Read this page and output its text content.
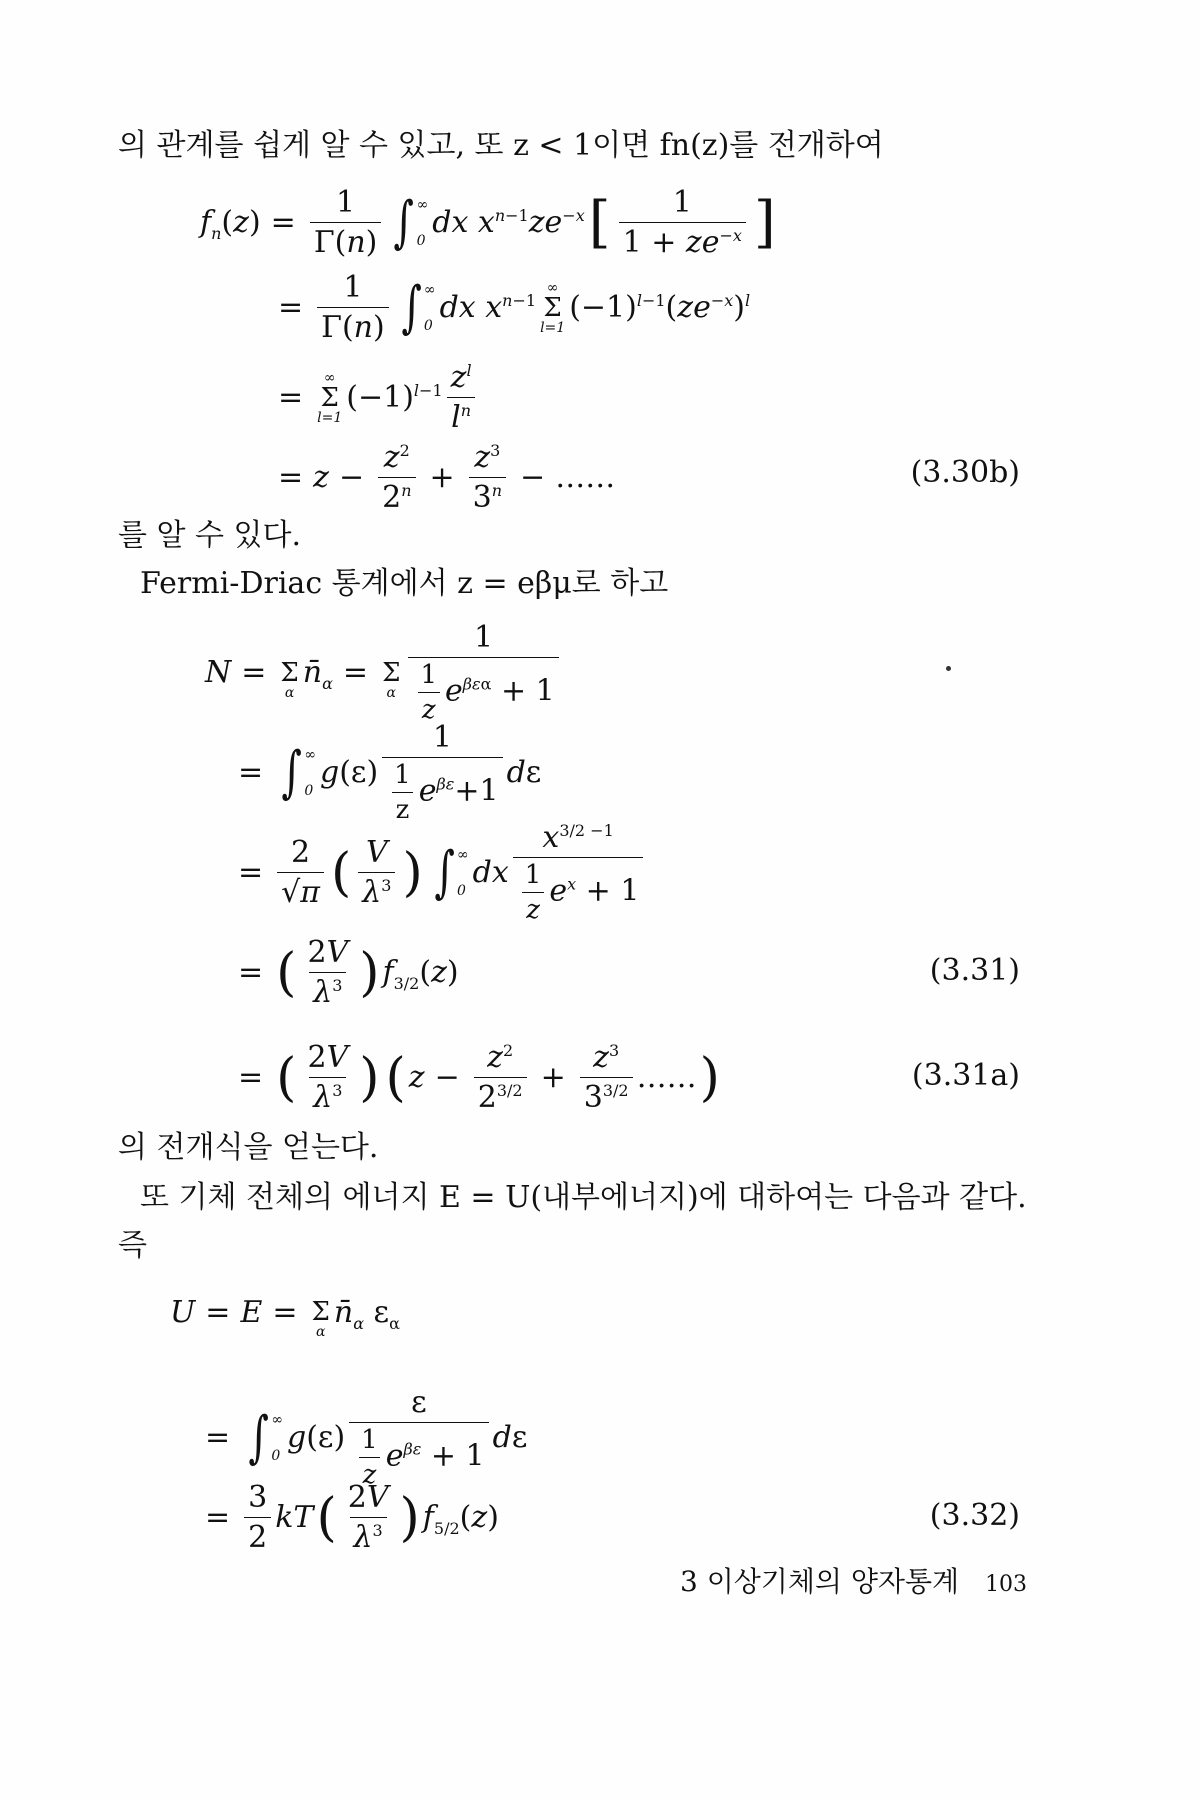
의 관계를 쉽게 알 수 있고, 또 z < 1이면 fn(z)를 전개하여
$f_n(z) = \frac{1}{\Gamma(n)}$ ∫ ∞
0
dx $x^{n-1}ze^{-x}$ [ $\frac{1}{1 + ze^{-x}}$ ]
= $\frac{1}{\Gamma(n)}$ ∫ ∞
0
dx $x^{n-1}$
∞
Σ
l=1
$(-1)^{l-1}(ze^{-x})^l$
=
∞
Σ
l=1
$(-1)^{l-1} \frac{z^l}{l^n}$
= $z - \frac{z^2}{2^n} + \frac{z^3}{3^n}$ − ……	(3.30b)
를 알 수 있다.
Fermi-Driac 통계에서 z = eβμ로 하고
N =
Σ
α
$n̄_\alpha$ =
Σ
α $\frac{1}{\frac{1}{z} e^{\beta\varepsilon\alpha} + 1}$
= ∫ ∞
0
$g(\varepsilon) \frac{1}{\frac{1}{z} e^{\beta\varepsilon}+1}$ dε
= $\frac{2}{√\pi}$ ( $\frac{V}{\lambda^3}$ ) ∫ ∞
0
dx $\frac{x^{3/2 -1}}{\frac{1}{z} e^x + 1}$
= ( $\frac{2V}{\lambda^3}$ ) $f_{3/2}(z)$	(3.31)
= ( $\frac{2V}{\lambda^3}$ ) ( $z - \frac{z^2}{2^{3/2}} + \frac{z^3}{3^{3/2}}$ …… )	(3.31a)
의 전개식을 얻는다.
또 기체 전체의 에너지 E = U(내부에너지)에 대하여는 다음과 같다.
즉
U = E =
Σ
α
$n̄_\alpha$ $\varepsilon_\alpha$
= ∫ ∞
0
$g(\varepsilon) \frac{\varepsilon}{\frac{1}{z} e^{\beta\varepsilon} + 1}$ dε
= $\frac{3}{2}$ kT ( $\frac{2V}{\lambda^3}$ ) $f_{5/2}(z)$	(3.32)
3 이상기체의 양자통계 103
